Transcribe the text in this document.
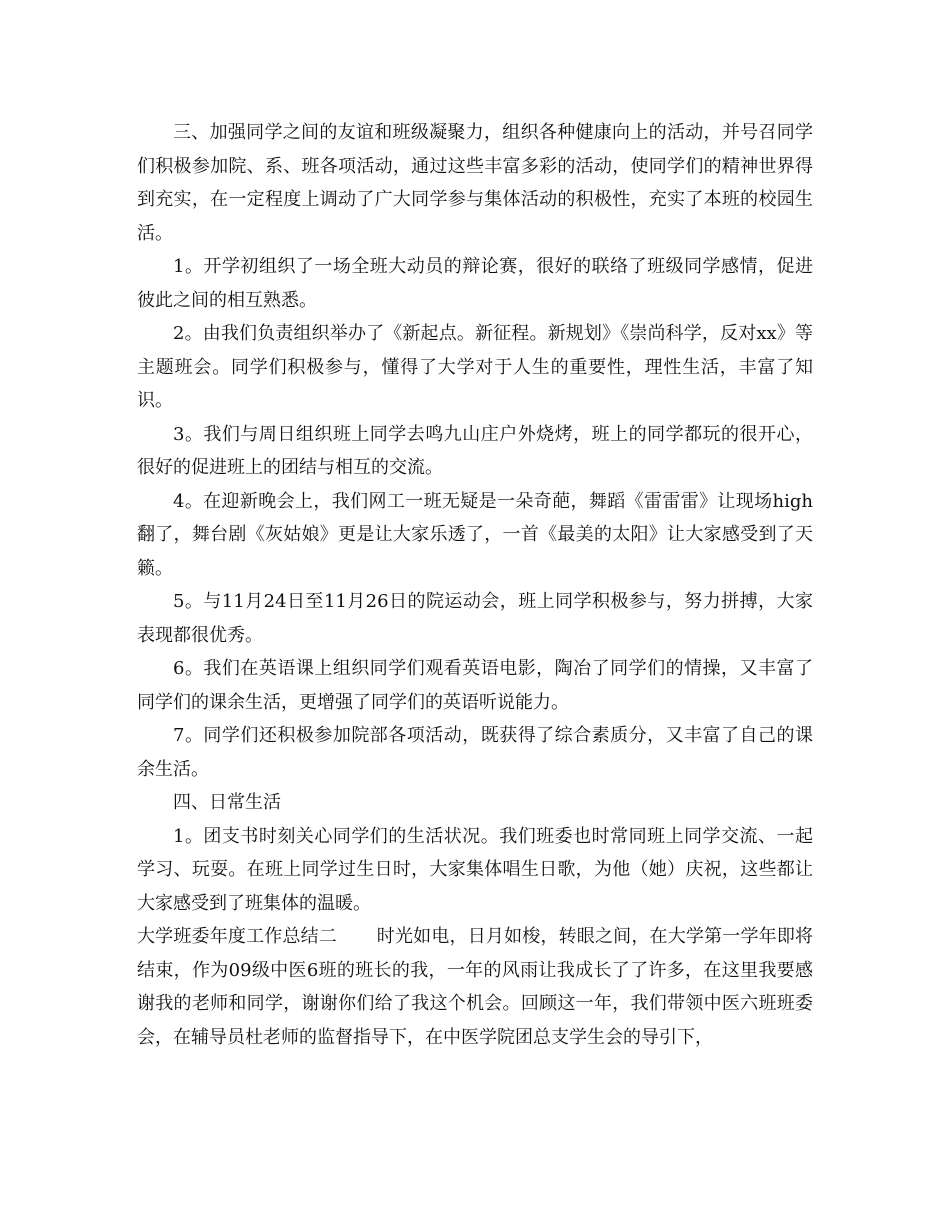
三、加强同学之间的友谊和班级凝聚力，组织各种健康向上的活动，并号召同学们积极参加院、系、班各项活动，通过这些丰富多彩的活动，使同学们的精神世界得到充实，在一定程度上调动了广大同学参与集体活动的积极性，充实了本班的校园生活。

1。开学初组织了一场全班大动员的辩论赛，很好的联络了班级同学感情，促进彼此之间的相互熟悉。

2。由我们负责组织举办了《新起点。新征程。新规划》《崇尚科学，反对xx》等主题班会。同学们积极参与，懂得了大学对于人生的重要性，理性生活，丰富了知识。

3。我们与周日组织班上同学去鸣九山庄户外烧烤，班上的同学都玩的很开心，很好的促进班上的团结与相互的交流。

4。在迎新晚会上，我们网工一班无疑是一朵奇葩，舞蹈《雷雷雷》让现场high翻了，舞台剧《灰姑娘》更是让大家乐透了，一首《最美的太阳》让大家感受到了天籁。

5。与11月24日至11月26日的院运动会，班上同学积极参与，努力拼搏，大家表现都很优秀。

6。我们在英语课上组织同学们观看英语电影，陶冶了同学们的情操，又丰富了同学们的课余生活，更增强了同学们的英语听说能力。

7。同学们还积极参加院部各项活动，既获得了综合素质分，又丰富了自己的课余生活。

四、日常生活

1。团支书时刻关心同学们的生活状况。我们班委也时常同班上同学交流、一起学习、玩耍。在班上同学过生日时，大家集体唱生日歌，为他（她）庆祝，这些都让大家感受到了班集体的温暖。

大学班委年度工作总结二 时光如电，日月如梭，转眼之间，在大学第一学年即将结束，作为09级中医6班的班长的我，一年的风雨让我成长了了许多，在这里我要感谢我的老师和同学，谢谢你们给了我这个机会。回顾这一年，我们带领中医六班班委会，在辅导员杜老师的监督指导下，在中医学院团总支学生会的导引下，
